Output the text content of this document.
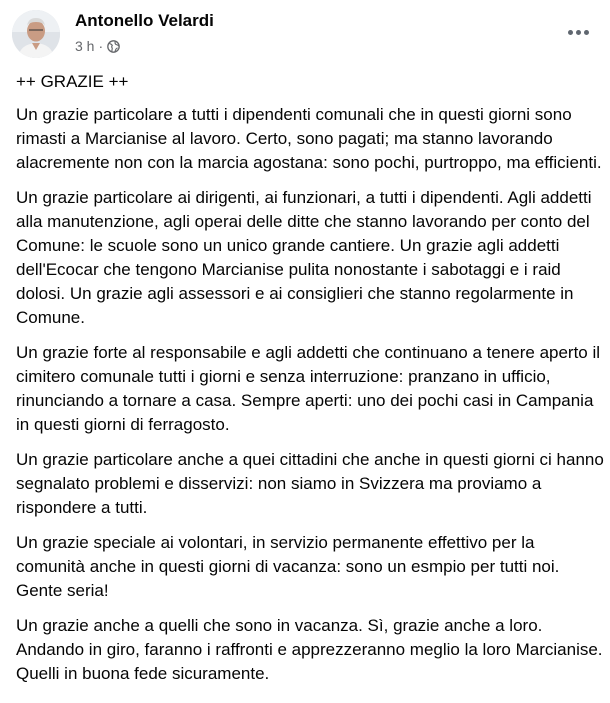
Antonello Velardi
3 h ·

++ GRAZIE ++

Un grazie particolare a tutti i dipendenti comunali che in questi giorni sono rimasti a Marcianise al lavoro. Certo, sono pagati; ma stanno lavorando alacremente non con la marcia agostana: sono pochi, purtroppo, ma efficienti.

Un grazie particolare ai dirigenti, ai funzionari, a tutti i dipendenti. Agli addetti alla manutenzione, agli operai delle ditte che stanno lavorando per conto del Comune: le scuole sono un unico grande cantiere. Un grazie agli addetti dell'Ecocar che tengono Marcianise pulita nonostante i sabotaggi e i raid dolosi. Un grazie agli assessori e ai consiglieri che stanno regolarmente in Comune.

Un grazie forte al responsabile e agli addetti che continuano a tenere aperto il cimitero comunale tutti i giorni e senza interruzione: pranzano in ufficio, rinunciando a tornare a casa. Sempre aperti: uno dei pochi casi in Campania in questi giorni di ferragosto.

Un grazie particolare anche a quei cittadini che anche in questi giorni ci hanno segnalato problemi e disservizi: non siamo in Svizzera ma proviamo a rispondere a tutti.

Un grazie speciale ai volontari, in servizio permanente effettivo per la comunità anche in questi giorni di vacanza: sono un esmpio per tutti noi. Gente seria!

Un grazie anche a quelli che sono in vacanza. Sì, grazie anche a loro. Andando in giro, faranno i raffronti e apprezzeranno meglio la loro Marcianise. Quelli in buona fede sicuramente.
